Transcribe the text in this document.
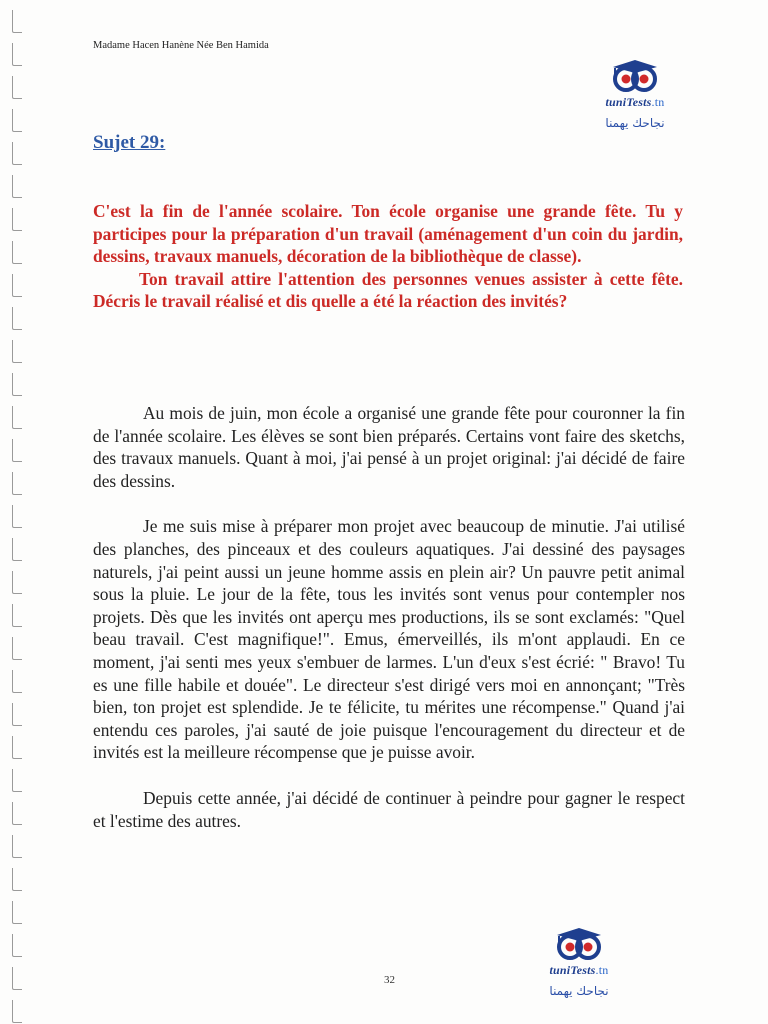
Madame Hacen Hanène Née Ben Hamida
tuniTests.tn
نجاحك يهمنا
Sujet 29:

C'est la fin de l'année scolaire. Ton école organise une grande fête. Tu y participes pour la préparation d'un travail (aménagement d'un coin du jardin, dessins, travaux manuels, décoration de la bibliothèque de classe).

Ton travail attire l'attention des personnes venues assister à cette fête. Décris le travail réalisé et dis quelle a été la réaction des invités?

Au mois de juin, mon école a organisé une grande fête pour couronner la fin de l'année scolaire. Les élèves se sont bien préparés. Certains vont faire des sketchs, des travaux manuels. Quant à moi, j'ai pensé à un projet original: j'ai décidé de faire des dessins.

Je me suis mise à préparer mon projet avec beaucoup de minutie. J'ai utilisé des planches, des pinceaux et des couleurs aquatiques. J'ai dessiné des paysages naturels, j'ai peint aussi un jeune homme assis en plein air? Un pauvre petit animal sous la pluie. Le jour de la fête, tous les invités sont venus pour contempler nos projets. Dès que les invités ont aperçu mes productions, ils se sont exclamés: "Quel beau travail. C'est magnifique!". Emus, émerveillés, ils m'ont applaudi. En ce moment, j'ai senti mes yeux s'embuer de larmes. L'un d'eux s'est écrié: " Bravo! Tu es une fille habile et douée". Le directeur s'est dirigé vers moi en annonçant; "Très bien, ton projet est splendide. Je te félicite, tu mérites une récompense." Quand j'ai entendu ces paroles, j'ai sauté de joie puisque l'encouragement du directeur et de invités est la meilleure récompense que je puisse avoir.

Depuis cette année, j'ai décidé de continuer à peindre pour gagner le respect et l'estime des autres.

tuniTests.tn
نجاحك يهمنا
32
